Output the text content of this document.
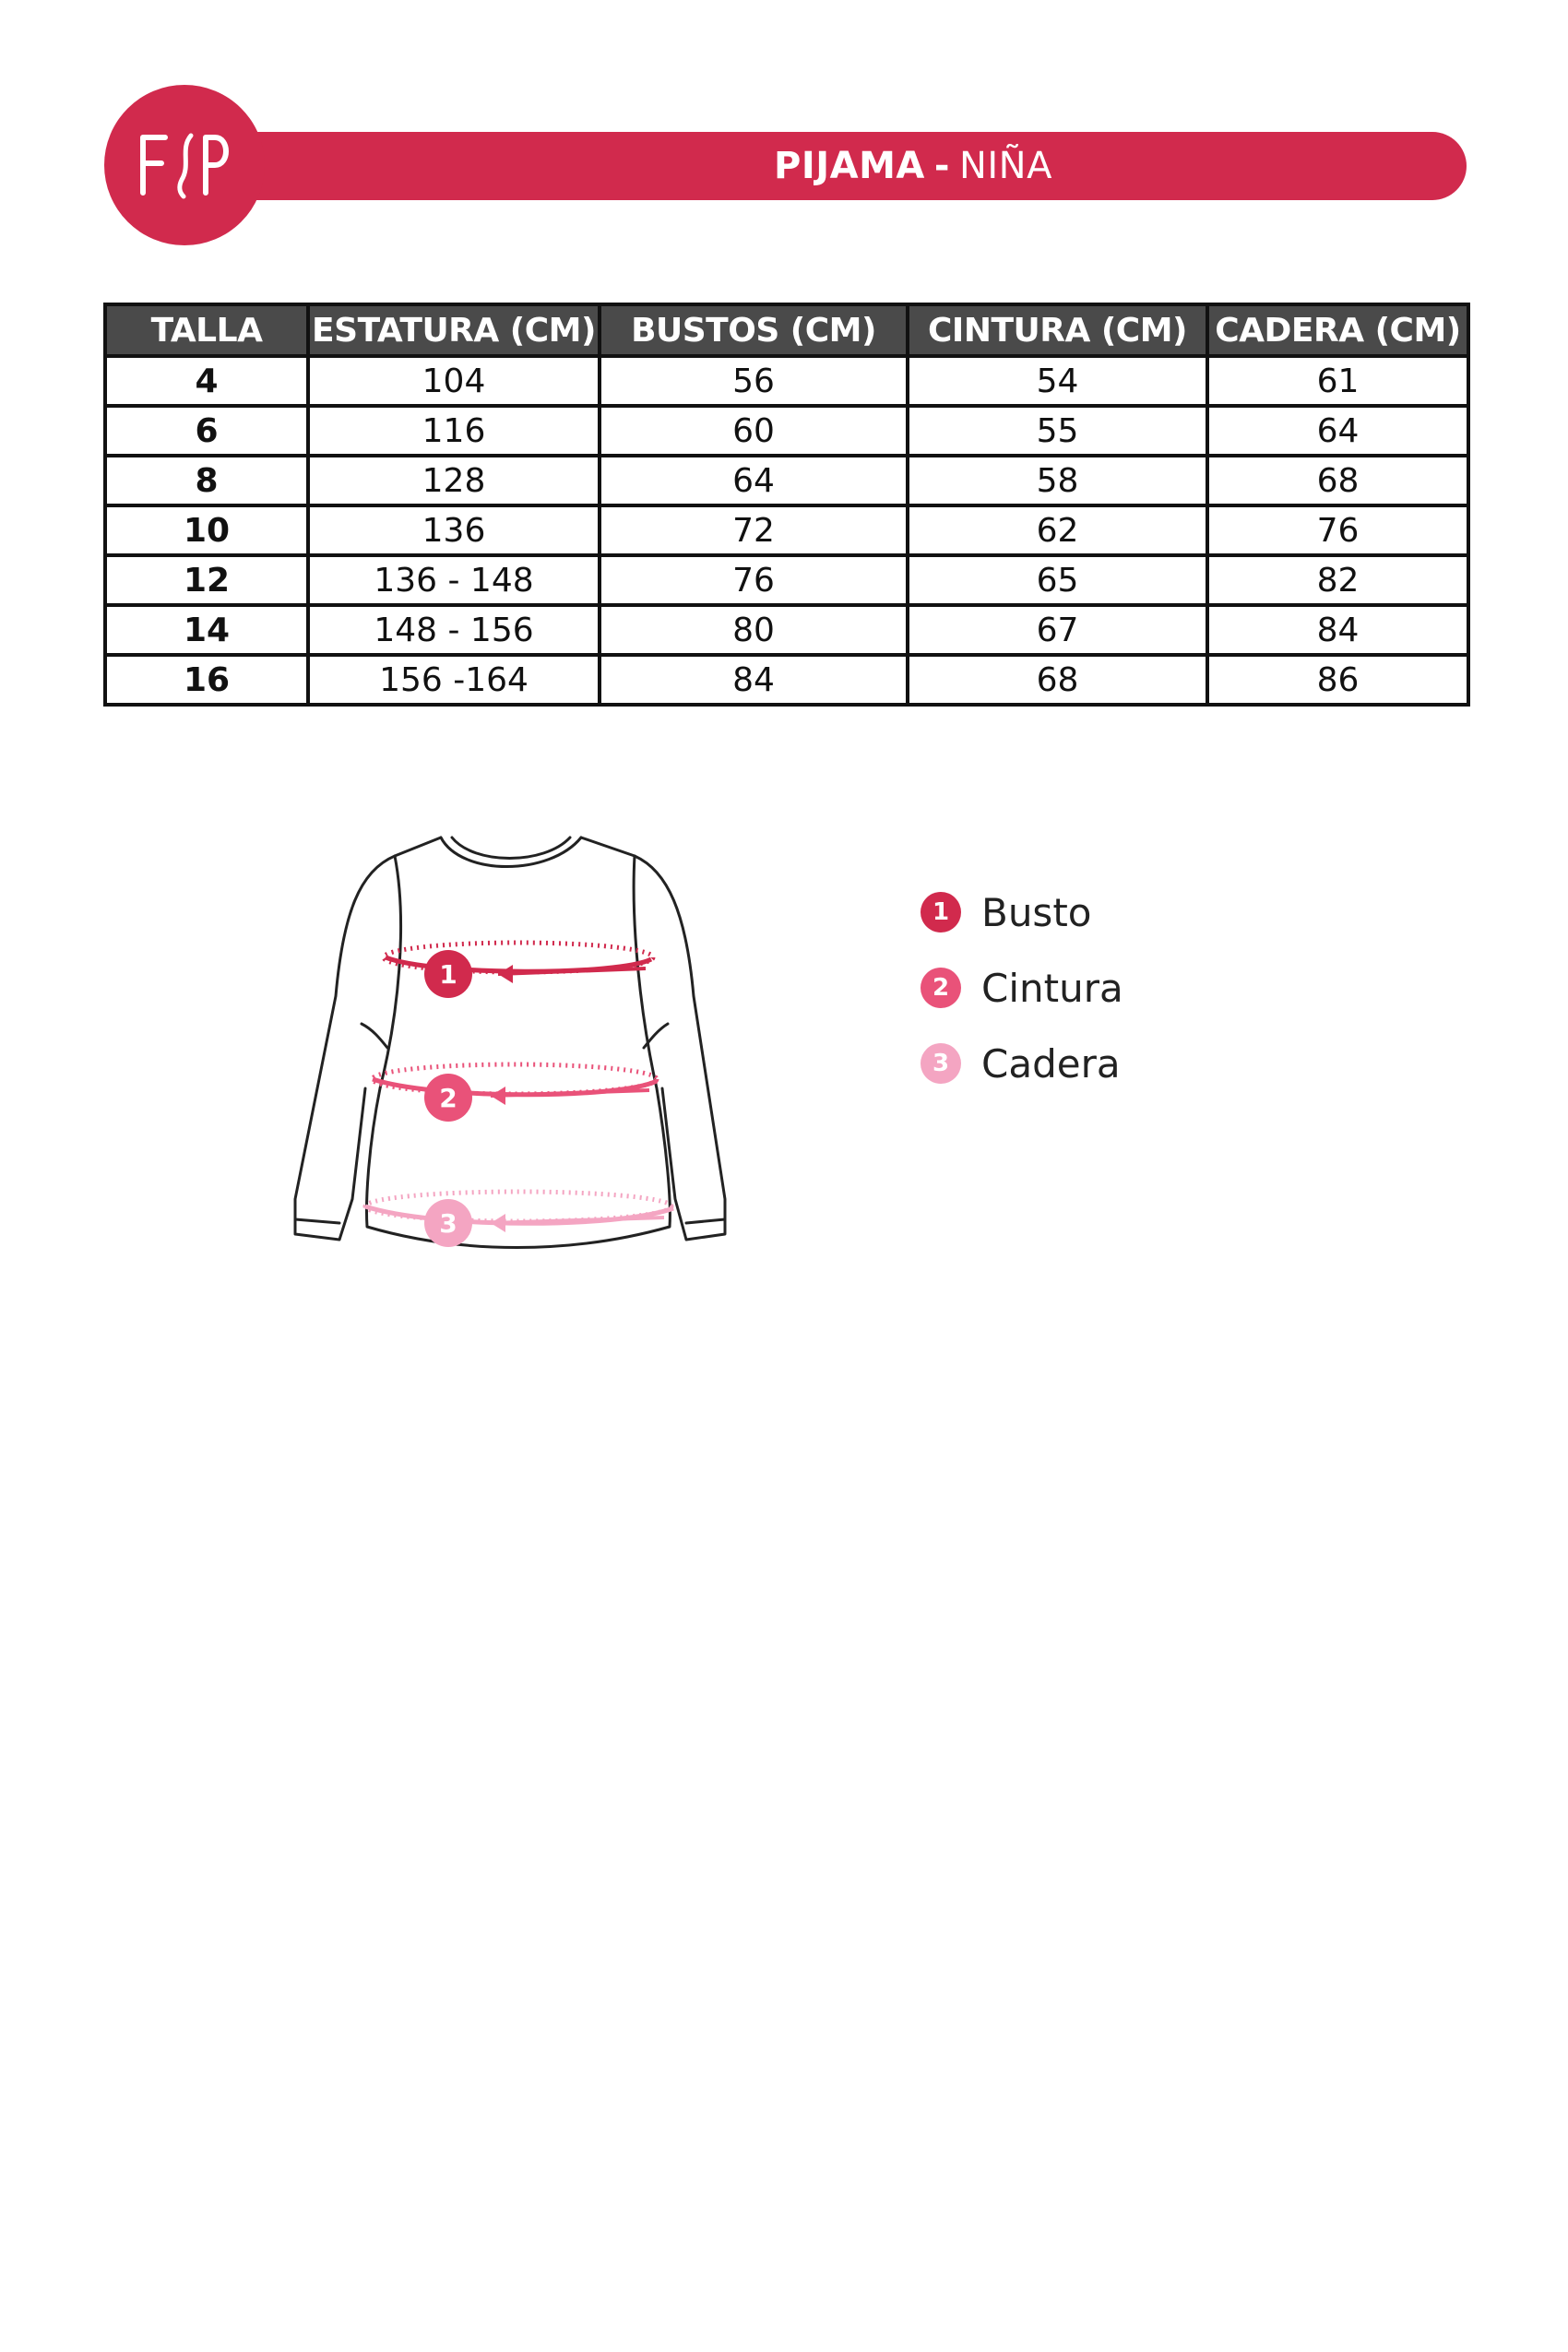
PIJAMA - NIÑA
TALLA	ESTATURA (CM)	BUSTOS (CM)	CINTURA (CM)	CADERA (CM)
4	104	56	54	61
6	116	60	55	64
8	128	64	58	68
10	136	72	62	76
12	136 - 148	76	65	82
14	148 - 156	80	67	84
16	156 -164	84	68	86
1
2
3
1 Busto
2 Cintura
3 Cadera
